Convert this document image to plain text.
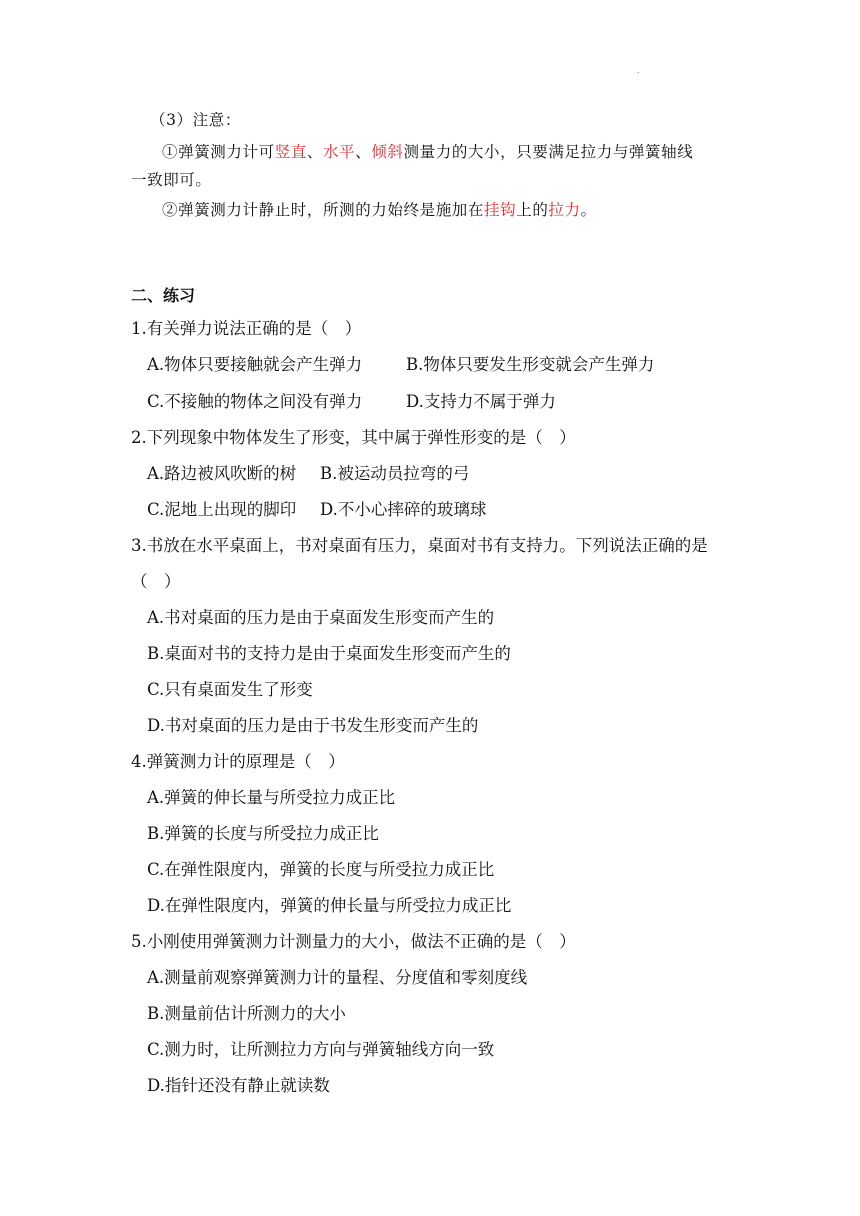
.
（3）注意：
①弹簧测力计可竖直、水平、倾斜测量力的大小，只要满足拉力与弹簧轴线
一致即可。
②弹簧测力计静止时，所测的力始终是施加在挂钩上的拉力。
二、练习
1.有关弹力说法正确的是（　）
A.物体只要接触就会产生弹力	B.物体只要发生形变就会产生弹力
C.不接触的物体之间没有弹力	D.支持力不属于弹力
2.下列现象中物体发生了形变，其中属于弹性形变的是（　）
A.路边被风吹断的树 B.被运动员拉弯的弓
C.泥地上出现的脚印 D.不小心摔碎的玻璃球
3.书放在水平桌面上，书对桌面有压力，桌面对书有支持力。下列说法正确的是
（　）
A.书对桌面的压力是由于桌面发生形变而产生的
B.桌面对书的支持力是由于桌面发生形变而产生的
C.只有桌面发生了形变
D.书对桌面的压力是由于书发生形变而产生的
4.弹簧测力计的原理是（　）
A.弹簧的伸长量与所受拉力成正比
B.弹簧的长度与所受拉力成正比
C.在弹性限度内，弹簧的长度与所受拉力成正比
D.在弹性限度内，弹簧的伸长量与所受拉力成正比
5.小刚使用弹簧测力计测量力的大小，做法不正确的是（　）
A.测量前观察弹簧测力计的量程、分度值和零刻度线
B.测量前估计所测力的大小
C.测力时，让所测拉力方向与弹簧轴线方向一致
D.指针还没有静止就读数
